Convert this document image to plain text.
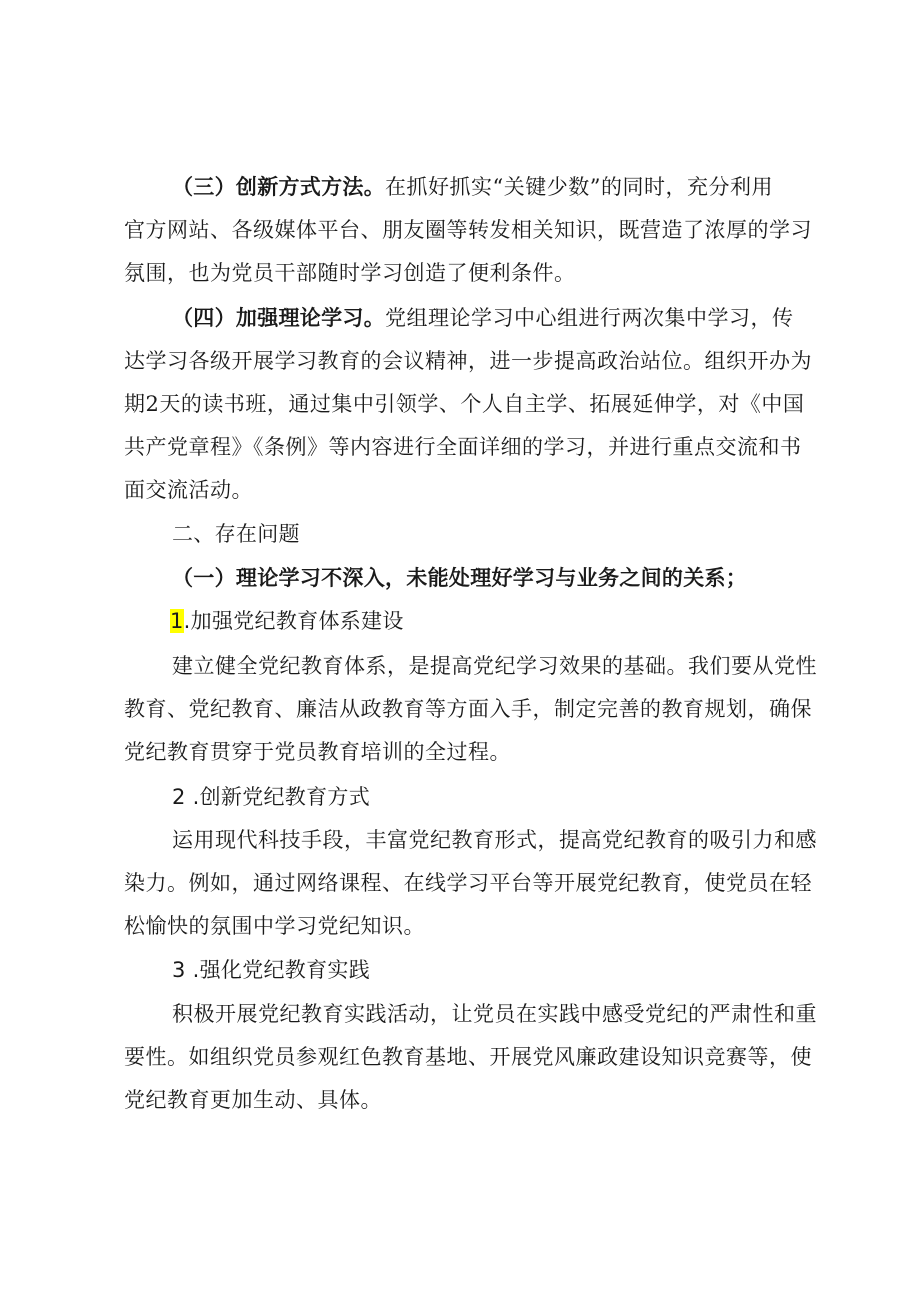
（三）创新方式方法。在抓好抓实“关键少数”的同时，充分利用
官方网站、各级媒体平台、朋友圈等转发相关知识，既营造了浓厚的学习
氛围，也为党员干部随时学习创造了便利条件。
（四）加强理论学习。党组理论学习中心组进行两次集中学习，传
达学习各级开展学习教育的会议精神，进一步提高政治站位。组织开办为
期2天的读书班，通过集中引领学、个人自主学、拓展延伸学，对《中国
共产党章程》《条例》等内容进行全面详细的学习，并进行重点交流和书
面交流活动。
二、存在问题
（一）理论学习不深入，未能处理好学习与业务之间的关系；
1.加强党纪教育体系建设
建立健全党纪教育体系，是提高党纪学习效果的基础。我们要从党性
教育、党纪教育、廉洁从政教育等方面入手，制定完善的教育规划，确保
党纪教育贯穿于党员教育培训的全过程。
2 .创新党纪教育方式
运用现代科技手段，丰富党纪教育形式，提高党纪教育的吸引力和感
染力。例如，通过网络课程、在线学习平台等开展党纪教育，使党员在轻
松愉快的氛围中学习党纪知识。
3 .强化党纪教育实践
积极开展党纪教育实践活动，让党员在实践中感受党纪的严肃性和重
要性。如组织党员参观红色教育基地、开展党风廉政建设知识竞赛等，使
党纪教育更加生动、具体。
